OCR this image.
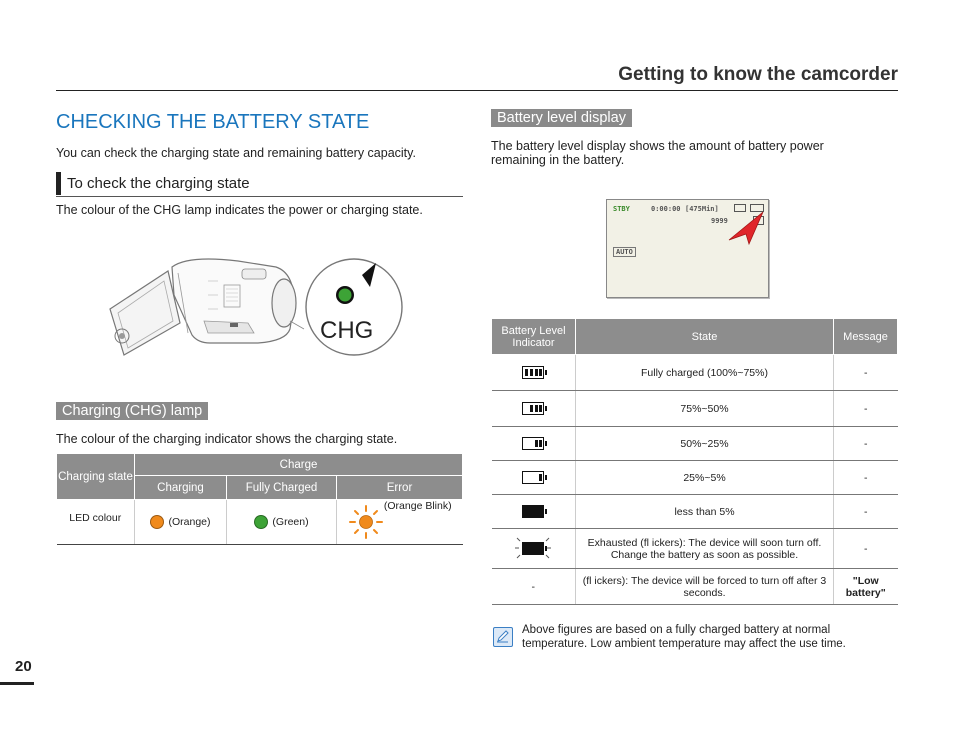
Getting to know the camcorder
CHECKING THE BATTERY STATE

You can check the charging state and remaining battery capacity.

To check the charging state

The colour of the CHG lamp indicates the power or charging state.

CHG
Charging (CHG) lamp

The colour of the charging indicator shows the charging state.

Charging state	Charge		
	Charging	Fully Charged	Error
LED colour	(Orange)	(Green)	(Orange Blink)
Battery level display

The battery level display shows the amount of battery power remaining in the battery.

STBY	0:00:00 [475Min]
9999
AUTO
Battery Level Indicator	State	Message

	Fully charged (100%~75%)	-

	75%~50%	-

	50%~25%	-

	25%~5%	-
	less than 5%	-

	Exhausted (fl ickers): The device will soon turn off. Change the battery as soon as possible.	-
-	(fl ickers): The device will be forced to turn off after 3 seconds.	"Low battery"
Above figures are based on a fully charged battery at normal temperature. Low ambient temperature may affect the use time.
20
